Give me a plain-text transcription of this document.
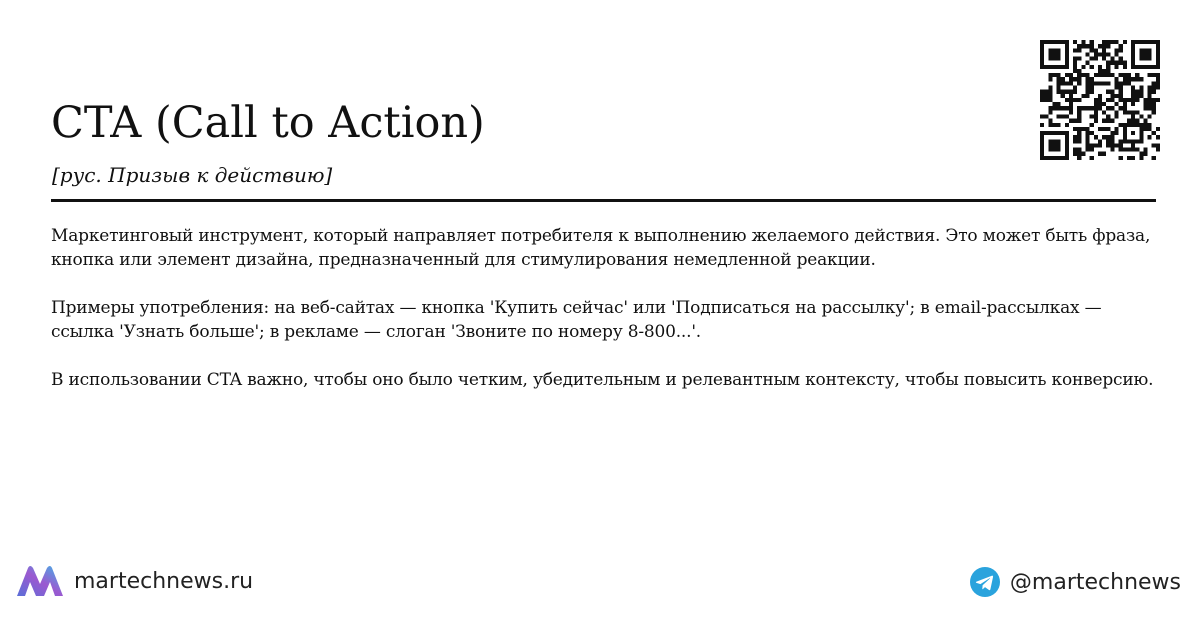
CTA (Call to Action)
[рус. Призыв к действию]

Маркетинговый инструмент, который направляет потребителя к выполнению желаемого действия. Это может быть фраза, кнопка или элемент дизайна, предназначенный для стимулирования немедленной реакции.

Примеры употребления: на веб-сайтах — кнопка 'Купить сейчас' или 'Подписаться на рассылку'; в email-рассылках — ссылка 'Узнать больше'; в рекламе — слоган 'Звоните по номеру 8-800...'.

В использовании CTA важно, чтобы оно было четким, убедительным и релевантным контексту, чтобы повысить конверсию.

martechnews.ru	@martechnews
